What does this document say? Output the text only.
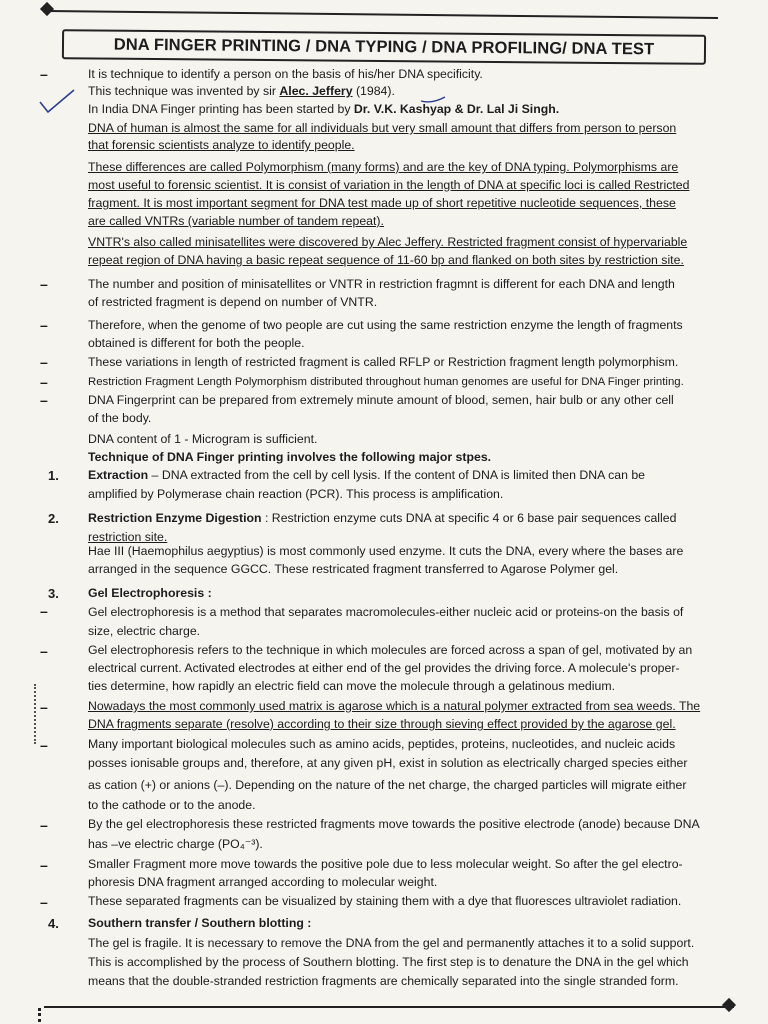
DNA FINGER PRINTING / DNA TYPING / DNA PROFILING/ DNA TEST
–	It is technique to identify a person on the basis of his/her DNA specificity.
This technique was invented by sir Alec. Jeffery (1984).
In India DNA Finger printing has been started by Dr. V.K. Kashyap & Dr. Lal Ji Singh.
DNA of human is almost the same for all individuals but very small amount that differs from person to person
that forensic scientists analyze to identify people.
These differences are called Polymorphism (many forms) and are the key of DNA typing. Polymorphisms are
most useful to forensic scientist. It is consist of variation in the length of DNA at specific loci is called Restricted
fragment. It is most important segment for DNA test made up of short repetitive nucleotide sequences, these
are called VNTRs (variable number of tandem repeat).
VNTR's also called minisatellites were discovered by Alec Jeffery. Restricted fragment consist of hypervariable
repeat region of DNA having a basic repeat sequence of 11-60 bp and flanked on both sites by restriction site.
–	The number and position of minisatellites or VNTR in restriction fragmnt is different for each DNA and length
of restricted fragment is depend on number of VNTR.
–	Therefore, when the genome of two people are cut using the same restriction enzyme the length of fragments
obtained is different for both the people.
–	These variations in length of restricted fragment is called RFLP or Restriction fragment length polymorphism.
–	Restriction Fragment Length Polymorphism distributed throughout human genomes are useful for DNA Finger printing.
–	DNA Fingerprint can be prepared from extremely minute amount of blood, semen, hair bulb or any other cell
of the body.
DNA content of 1 - Microgram is sufficient.
Technique of DNA Finger printing involves the following major stpes.
1.	Extraction – DNA extracted from the cell by cell lysis. If the content of DNA is limited then DNA can be
amplified by Polymerase chain reaction (PCR). This process is amplification.
2.	Restriction Enzyme Digestion : Restriction enzyme cuts DNA at specific 4 or 6 base pair sequences called
restriction site.
Hae III (Haemophilus aegyptius) is most commonly used enzyme. It cuts the DNA, every where the bases are
arranged in the sequence GGCC. These restricated fragment transferred to Agarose Polymer gel.
3.	Gel Electrophoresis :
–	Gel electrophoresis is a method that separates macromolecules-either nucleic acid or proteins-on the basis of
size, electric charge.
–	Gel electrophoresis refers to the technique in which molecules are forced across a span of gel, motivated by an
electrical current. Activated electrodes at either end of the gel provides the driving force. A molecule's proper-
ties determine, how rapidly an electric field can move the molecule through a gelatinous medium.
–	Nowadays the most commonly used matrix is agarose which is a natural polymer extracted from sea weeds. The
DNA fragments separate (resolve) according to their size through sieving effect provided by the agarose gel.
–	Many important biological molecules such as amino acids, peptides, proteins, nucleotides, and nucleic acids
posses ionisable groups and, therefore, at any given pH, exist in solution as electrically charged species either
as cation (+) or anions (–). Depending on the nature of the net charge, the charged particles will migrate either
to the cathode or to the anode.
–	By the gel electrophoresis these restricted fragments move towards the positive electrode (anode) because DNA
has –ve electric charge (PO₄⁻³).
–	Smaller Fragment more move towards the positive pole due to less molecular weight. So after the gel electro-
phoresis DNA fragment arranged according to molecular weight.
–	These separated fragments can be visualized by staining them with a dye that fluoresces ultraviolet radiation.
4.	Southern transfer / Southern blotting :
The gel is fragile. It is necessary to remove the DNA from the gel and permanently attaches it to a solid support.
This is accomplished by the process of Southern blotting. The first step is to denature the DNA in the gel which
means that the double-stranded restriction fragments are chemically separated into the single stranded form.
